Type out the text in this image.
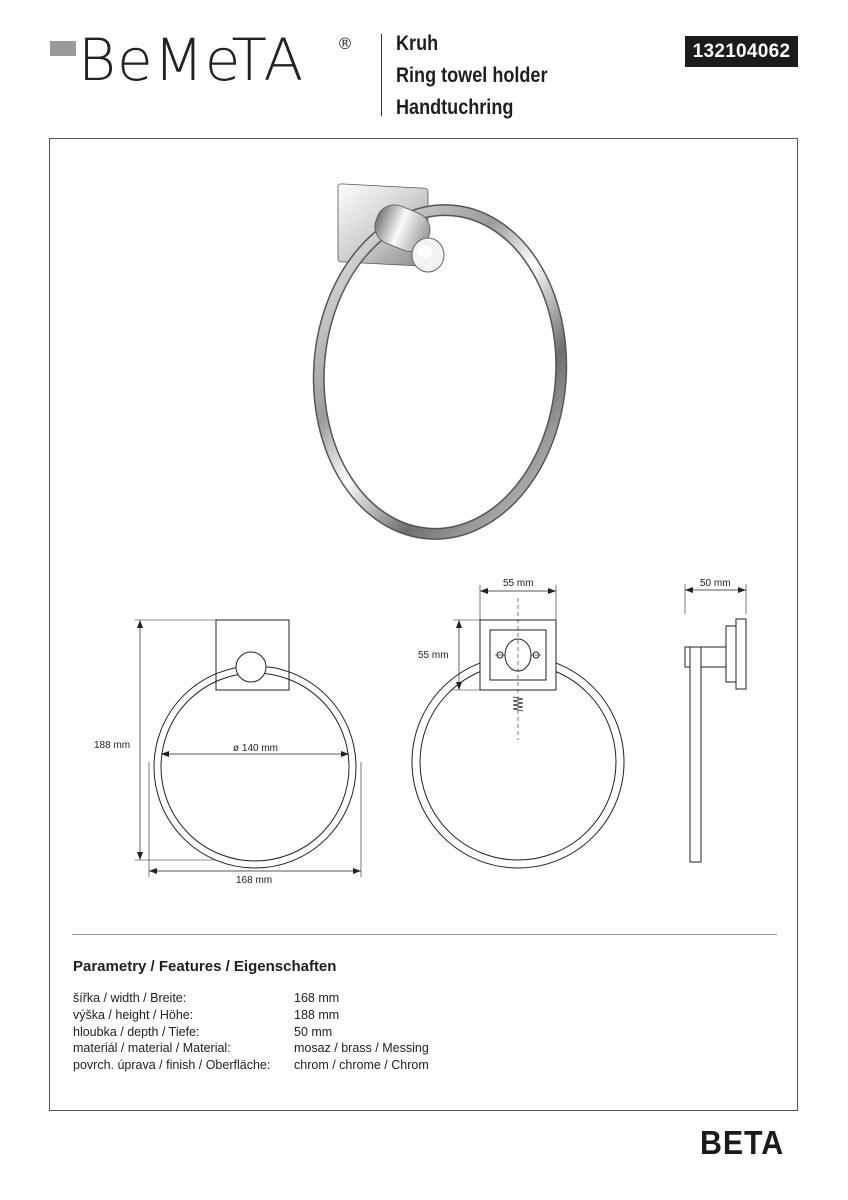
BeMeTA ® Kruh
Ring towel holder
Handtuchring
132104062
188 mm
168 mm
ø 140 mm
55 mm
55 mm
50 mm
Parametry / Features / Eigenschaften
šířka / width / Breite:	168 mm
výška / height / Höhe:	188 mm
hloubka / depth / Tiefe:	50 mm
materiál / material / Material:	mosaz / brass / Messing
povrch. úprava / finish / Oberfläche: chrom / chrome / Chrom
BETA
